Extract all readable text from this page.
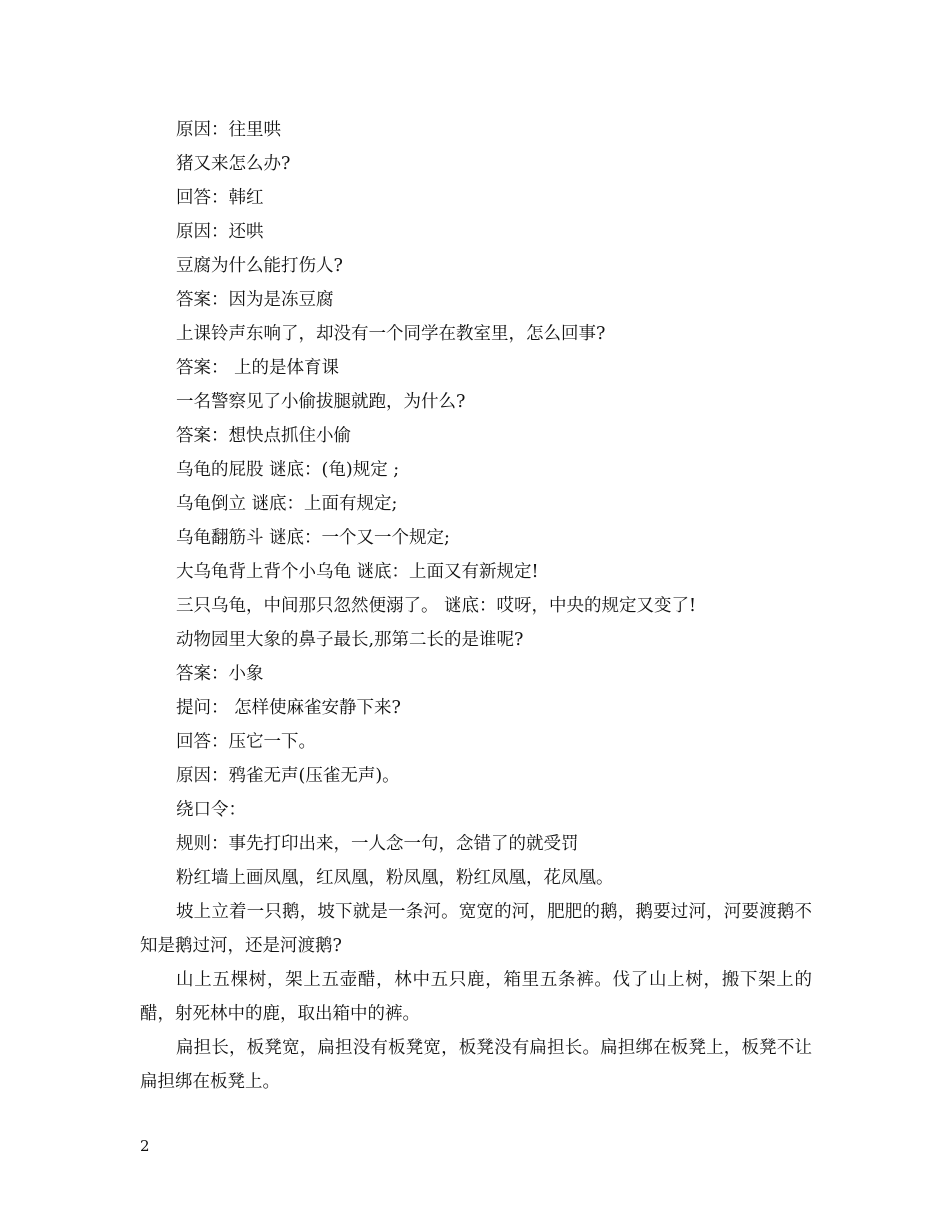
原因：往里哄

猪又来怎么办?

回答：韩红

原因：还哄

豆腐为什么能打伤人?

答案：因为是冻豆腐

上课铃声东响了，却没有一个同学在教室里，怎么回事?

答案： 上的是体育课

一名警察见了小偷拔腿就跑，为什么?

答案：想快点抓住小偷

乌龟的屁股 谜底：(龟)规定 ;

乌龟倒立 谜底：上面有规定;

乌龟翻筋斗 谜底：一个又一个规定;

大乌龟背上背个小乌龟 谜底：上面又有新规定!

三只乌龟，中间那只忽然便溺了。 谜底：哎呀，中央的规定又变了!

动物园里大象的鼻子最长,那第二长的是谁呢?

答案：小象

提问： 怎样使麻雀安静下来?

回答：压它一下。

原因：鸦雀无声(压雀无声)。

绕口令：

规则：事先打印出来，一人念一句，念错了的就受罚

粉红墙上画凤凰，红凤凰，粉凤凰，粉红凤凰，花凤凰。

坡上立着一只鹅，坡下就是一条河。宽宽的河，肥肥的鹅，鹅要过河，河要渡鹅不知是鹅过河，还是河渡鹅?

山上五棵树，架上五壶醋，林中五只鹿，箱里五条裤。伐了山上树，搬下架上的醋，射死林中的鹿，取出箱中的裤。

扁担长，板凳宽，扁担没有板凳宽，板凳没有扁担长。扁担绑在板凳上，板凳不让扁担绑在板凳上。

2
